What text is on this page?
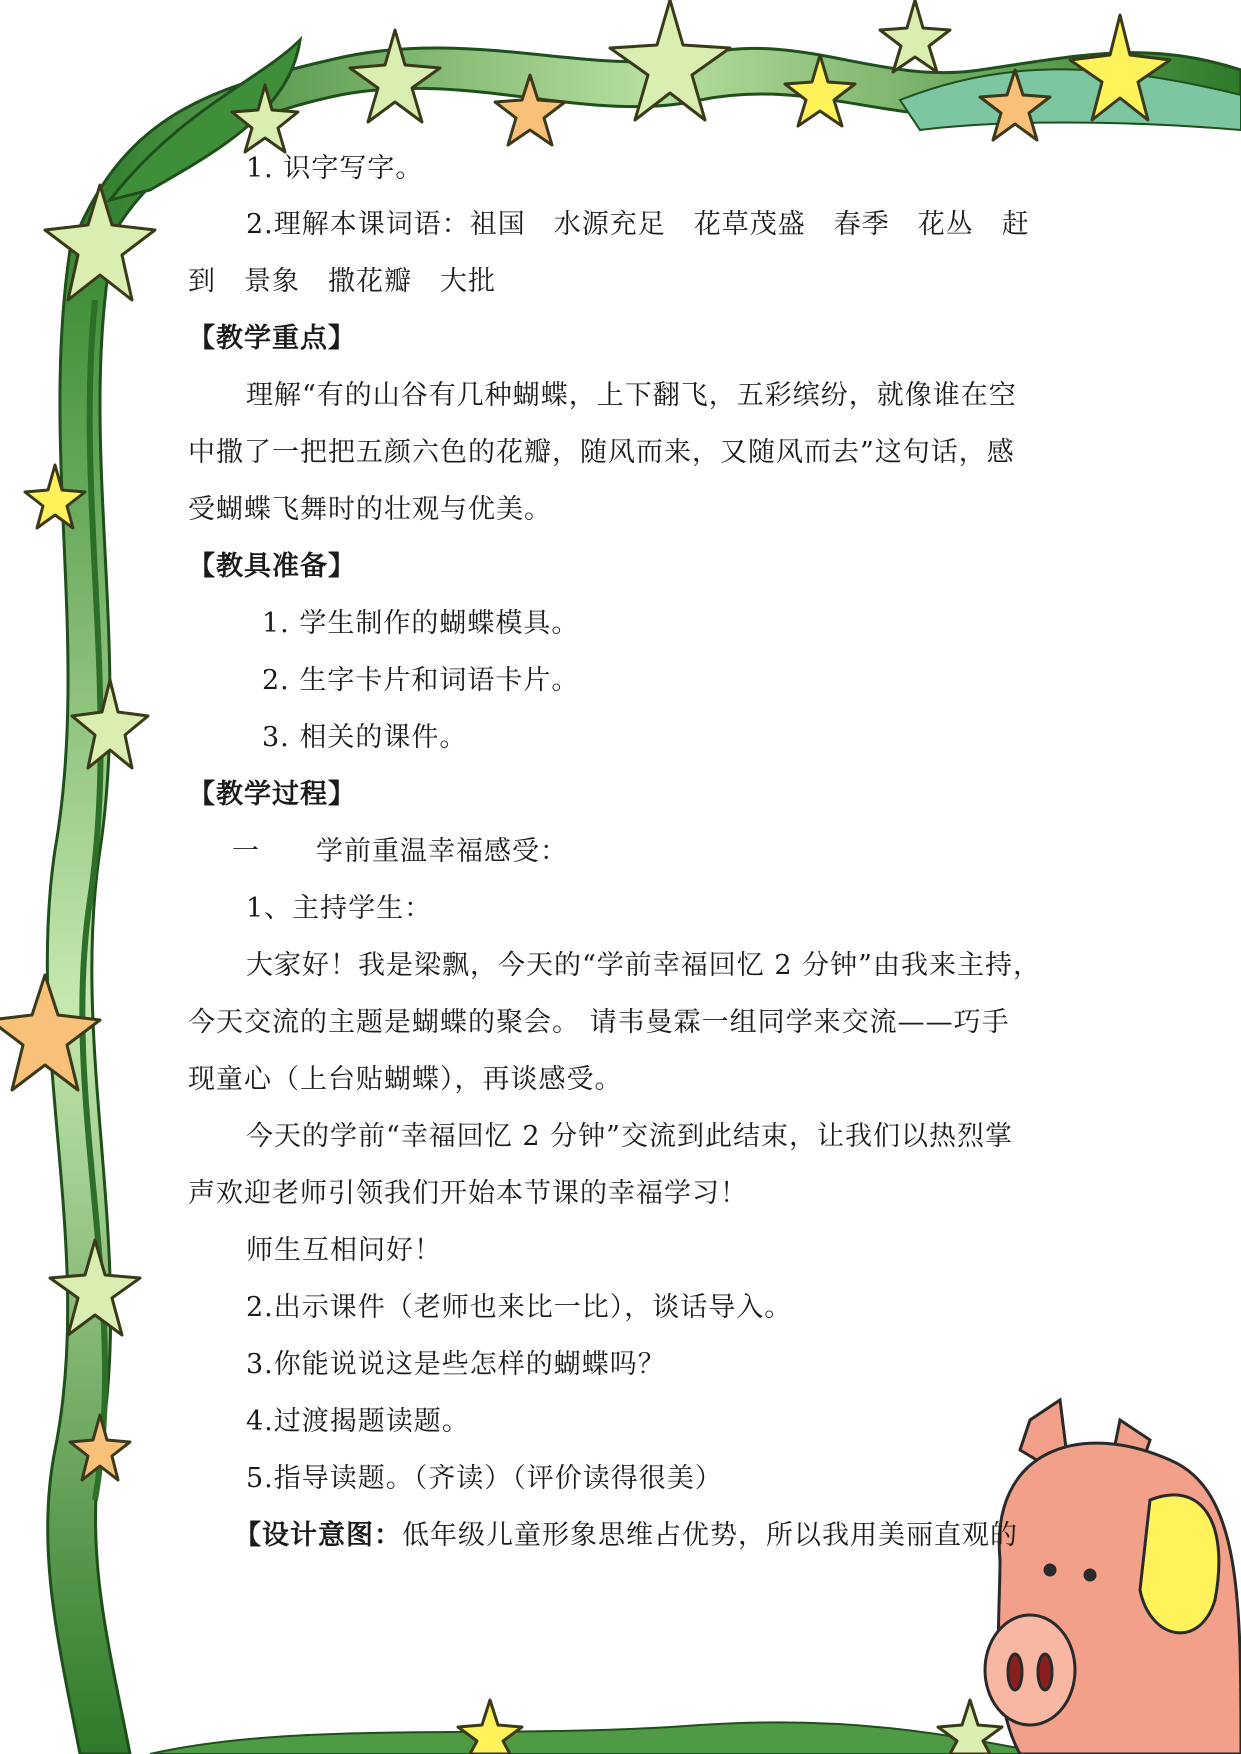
1. 识字写字。
2.理解本课词语：祖国　水源充足　花草茂盛　春季　花丛　赶
到　景象　撒花瓣　大批
【教学重点】
理解“有的山谷有几种蝴蝶，上下翻飞，五彩缤纷，就像谁在空
中撒了一把把五颜六色的花瓣，随风而来，又随风而去”这句话，感
受蝴蝶飞舞时的壮观与优美。
【教具准备】
1. 学生制作的蝴蝶模具。
2. 生字卡片和词语卡片。
3. 相关的课件。
【教学过程】
一　　学前重温幸福感受：
1、主持学生：
大家好！我是梁飘，今天的“学前幸福回忆 2 分钟”由我来主持，
今天交流的主题是蝴蝶的聚会。 请韦曼霖一组同学来交流——巧手
现童心（上台贴蝴蝶），再谈感受。
今天的学前“幸福回忆 2 分钟”交流到此结束，让我们以热烈掌
声欢迎老师引领我们开始本节课的幸福学习！
师生互相问好！
2.出示课件（老师也来比一比），谈话导入。
3.你能说说这是些怎样的蝴蝶吗？
4.过渡揭题读题。
5.指导读题。（齐读）（评价读得很美）
【设计意图：低年级儿童形象思维占优势，所以我用美丽直观的
